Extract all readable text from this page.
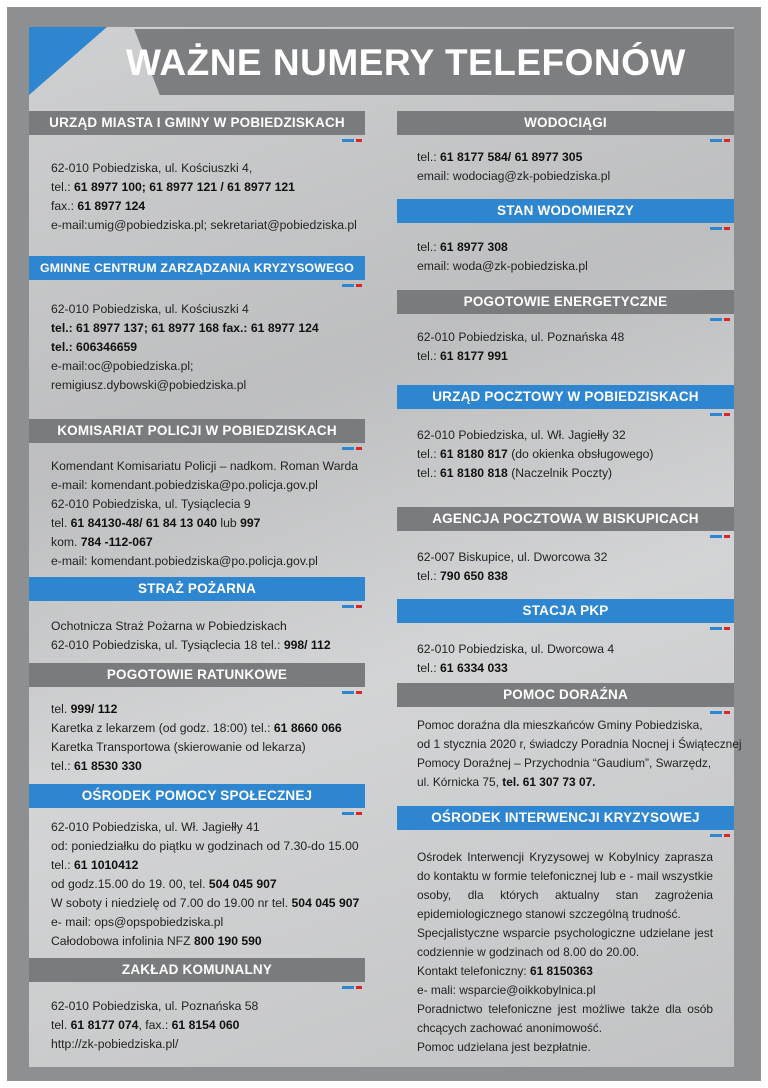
WAŻNE NUMERY TELEFONÓW
URZĄD MIASTA I GMINY W POBIEDZISKACH
62-010 Pobiedziska, ul. Kościuszki 4,
tel.: 61 8977 100; 61 8977 121 / 61 8977 121
fax.: 61 8977 124
e-mail:umig@pobiedziska.pl; sekretariat@pobiedziska.pl
GMINNE CENTRUM ZARZĄDZANIA KRYZYSOWEGO
62-010 Pobiedziska, ul. Kościuszki 4
tel.: 61 8977 137; 61 8977 168 fax.: 61 8977 124
tel.: 606346659
e-mail:oc@pobiedziska.pl;
remigiusz.dybowski@pobiedziska.pl
KOMISARIAT POLICJI W POBIEDZISKACH
Komendant Komisariatu Policji – nadkom. Roman Warda
e-mail: komendant.pobiedziska@po.policja.gov.pl
62-010 Pobiedziska, ul. Tysiąclecia 9
tel. 61 84130-48/ 61 84 13 040 lub 997
kom. 784 -112-067
e-mail: komendant.pobiedziska@po.policja.gov.pl
STRAŻ POŻARNA
Ochotnicza Straż Pożarna w Pobiedziskach
62-010 Pobiedziska, ul. Tysiąclecia 18 tel.: 998/ 112
POGOTOWIE RATUNKOWE
tel. 999/ 112
Karetka z lekarzem (od godz. 18:00) tel.: 61 8660 066
Karetka Transportowa (skierowanie od lekarza)
tel.: 61 8530 330
OŚRODEK POMOCY SPOŁECZNEJ
62-010 Pobiedziska, ul. Wł. Jagiełły 41
od: poniedziałku do piątku w godzinach od 7.30-do 15.00
tel.: 61 1010412
od godz.15.00 do 19. 00, tel. 504 045 907
W soboty i niedzielę od 7.00 do 19.00 nr tel. 504 045 907
e- mail: ops@opspobiedziska.pl
Całodobowa infolinia NFZ 800 190 590
ZAKŁAD KOMUNALNY
62-010 Pobiedziska, ul. Poznańska 58
tel. 61 8177 074, fax.: 61 8154 060
http://zk-pobiedziska.pl/
WODOCIĄGI
tel.: 61 8177 584/ 61 8977 305
email: wodociag@zk-pobiedziska.pl
STAN WODOMIERZY
tel.: 61 8977 308
email: woda@zk-pobiedziska.pl
POGOTOWIE ENERGETYCZNE
62-010 Pobiedziska, ul. Poznańska 48
tel.: 61 8177 991
URZĄD POCZTOWY W POBIEDZISKACH
62-010 Pobiedziska, ul. Wł. Jagiełły 32
tel.: 61 8180 817 (do okienka obsługowego)
tel.: 61 8180 818 (Naczelnik Poczty)
AGENCJA POCZTOWA W BISKUPICACH
62-007 Biskupice, ul. Dworcowa 32
tel.: 790 650 838
STACJA PKP
62-010 Pobiedziska, ul. Dworcowa 4
tel.: 61 6334 033
POMOC DORAŹNA
Pomoc doraźna dla mieszkańców Gminy Pobiedziska,
od 1 stycznia 2020 r, świadczy Poradnia Nocnej i Świątecznej
Pomocy Doraźnej – Przychodnia “Gaudium”, Swarzędz,
ul. Kórnicka 75, tel. 61 307 73 07.
OŚRODEK INTERWENCJI KRYZYSOWEJ
Ośrodek Interwencji Kryzysowej w Kobylnicy zaprasza do kontaktu w formie telefonicznej lub e - mail wszystkie osoby, dla których aktualny stan zagrożenia epidemiologicznego stanowi szczególną trudność.
Specjalistyczne wsparcie psychologiczne udzielane jest codziennie w godzinach od 8.00 do 20.00.
Kontakt telefoniczny: 61 8150363
e- mali: wsparcie@oikkobylnica.pl
Poradnictwo telefoniczne jest możliwe także dla osób chcących zachować anonimowość.
Pomoc udzielana jest bezpłatnie.
